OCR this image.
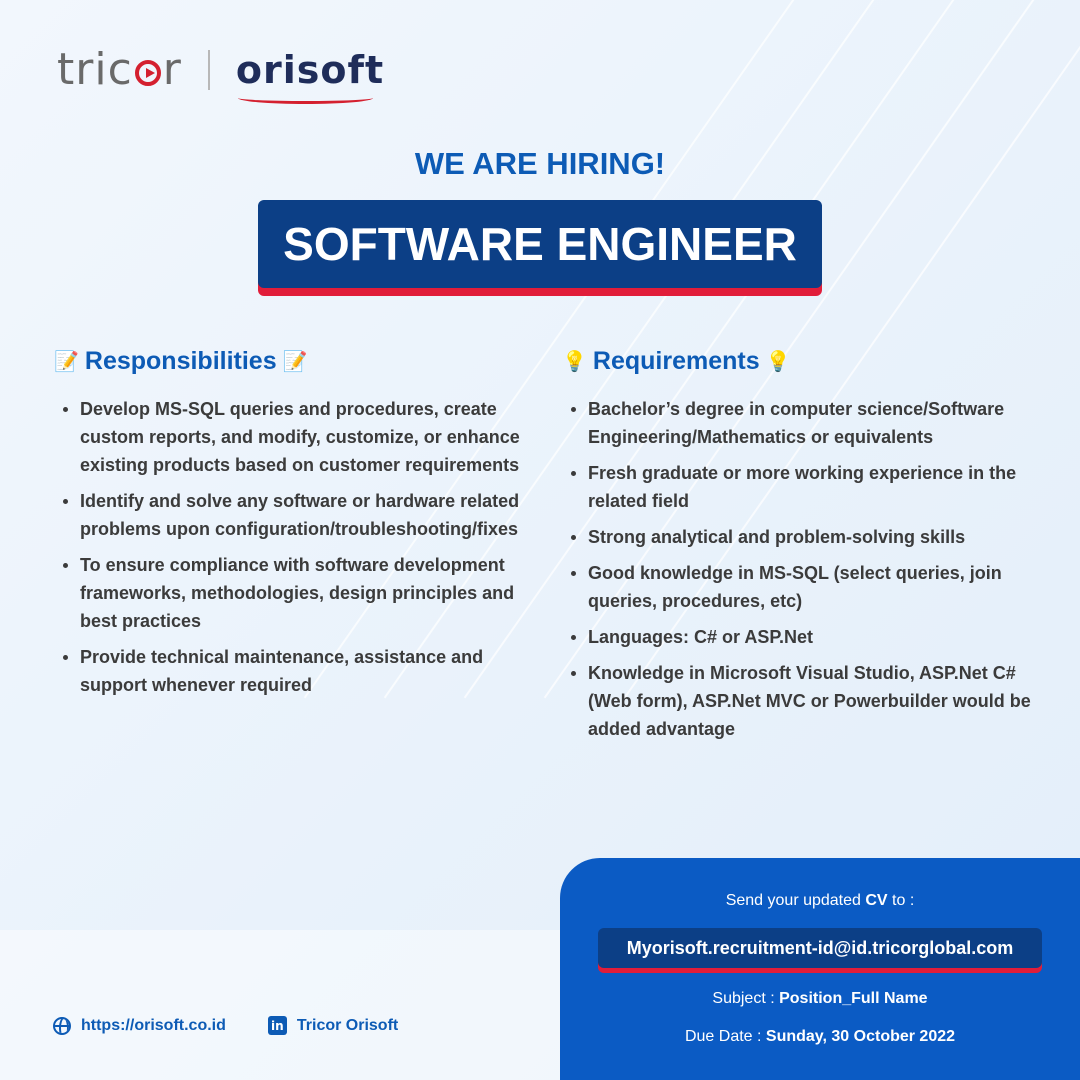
tric r orisoft
WE ARE HIRING!
SOFTWARE ENGINEER
📝 Responsibilities 📝
Develop MS-SQL queries and procedures, create custom reports, and modify, customize, or enhance existing products based on customer requirements
Identify and solve any software or hardware related problems upon configuration/troubleshooting/fixes
To ensure compliance with software development frameworks, methodologies, design principles and best practices
Provide technical maintenance, assistance and support whenever required
💡 Requirements 💡
Bachelor’s degree in computer science/Software Engineering/Mathematics or equivalents
Fresh graduate or more working experience in the related field
Strong analytical and problem-solving skills
Good knowledge in MS-SQL (select queries, join queries, procedures, etc)
Languages: C# or ASP.Net
Knowledge in Microsoft Visual Studio, ASP.Net C# (Web form), ASP.Net MVC or Powerbuilder would be added advantage
https://orisoft.co.id	in Tricor Orisoft
Send your updated CV to :
Myorisoft.recruitment-id@id.tricorglobal.com
Subject : Position_Full Name
Due Date : Sunday, 30 October 2022
